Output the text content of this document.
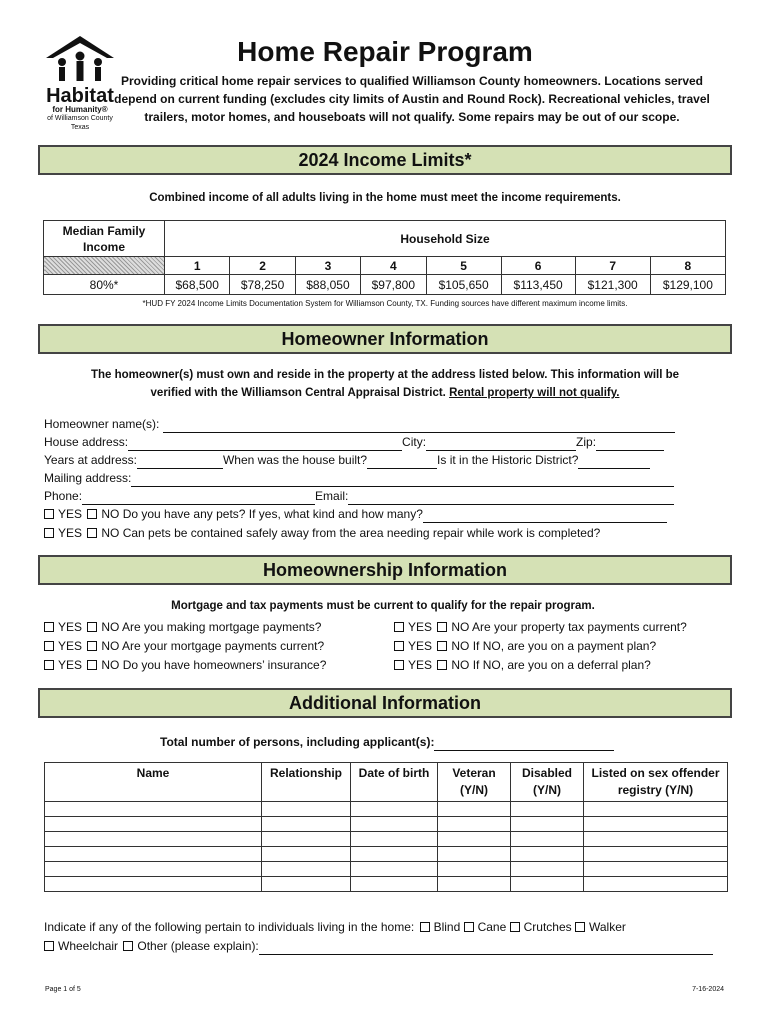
Habitat
for Humanity®
of Williamson County
Texas
Home Repair Program
Providing critical home repair services to qualified Williamson County homeowners. Locations served depend on current funding (excludes city limits of Austin and Round Rock). Recreational vehicles, travel trailers, motor homes, and houseboats will not qualify. Some repairs may be out of our scope.
2024 Income Limits*
Combined income of all adults living in the home must meet the income requirements.
Median Family Income	Household Size							
	1	2	3	4	5	6	7	8
80%*	$68,500	$78,250	$88,050	$97,800	$105,650	$113,450	$121,300	$129,100
*HUD FY 2024 Income Limits Documentation System for Williamson County, TX. Funding sources have different maximum income limits.
Homeowner Information
The homeowner(s) must own and reside in the property at the address listed below. This information will be
verified with the Williamson Central Appraisal District. Rental property will not qualify.
Homeowner name(s):
House address:	City:	Zip:
Years at address:	When was the house built?	Is it in the Historic District?
Mailing address:
Phone:	Email:
YES NO Do you have any pets? If yes, what kind and how many?
YES NO Can pets be contained safely away from the area needing repair while work is completed?
Homeownership Information
Mortgage and tax payments must be current to qualify for the repair program.
YES NO Are you making mortgage payments?
YES NO Are your mortgage payments current?
YES NO Do you have homeowners’ insurance?
YES NO Are your property tax payments current?
YES NO If NO, are you on a payment plan?
YES NO If NO, are you on a deferral plan?
Additional Information
Total number of persons, including applicant(s):
Name	Relationship	Date of birth	Veteran (Y/N)	Disabled (Y/N)	Listed on sex offender registry (Y/N)

Indicate if any of the following pertain to individuals living in the home: Blind Cane Crutches Walker
Wheelchair Other (please explain):
Page 1 of 5	7-16-2024
